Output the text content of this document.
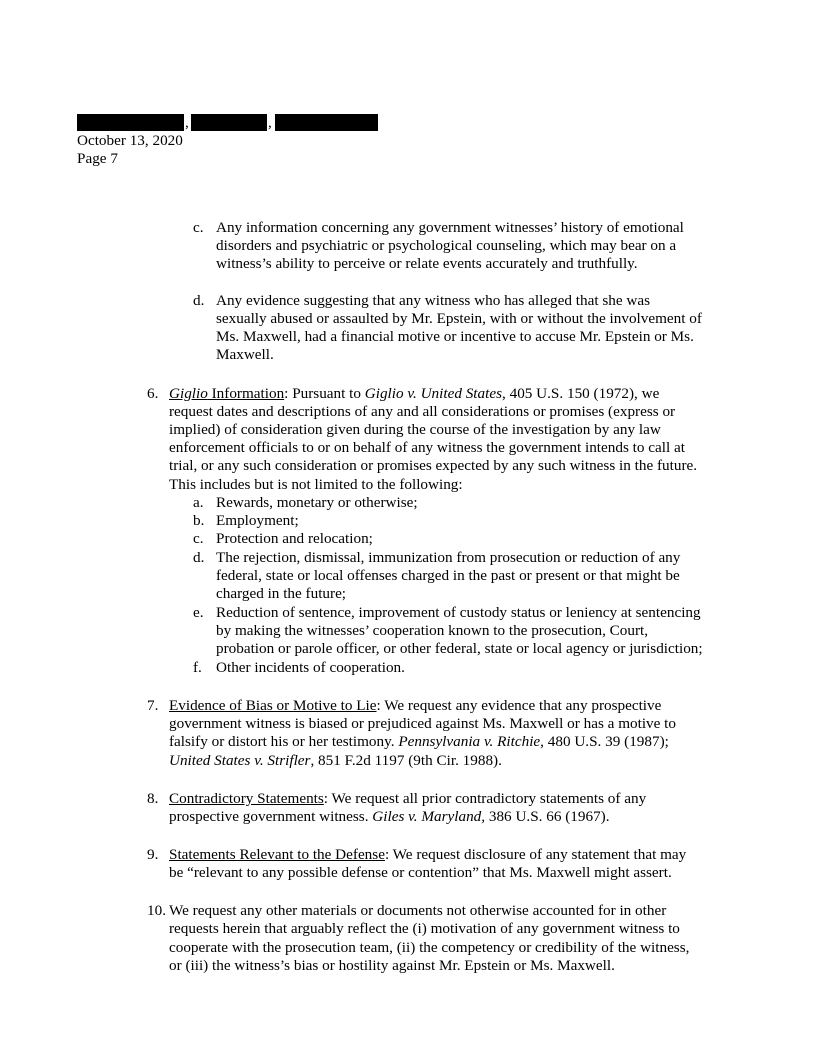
,	,
October 13, 2020
Page 7
c. Any information concerning any government witnesses’ history of emotional
disorders and psychiatric or psychological counseling, which may bear on a
witness’s ability to perceive or relate events accurately and truthfully.
d. Any evidence suggesting that any witness who has alleged that she was
sexually abused or assaulted by Mr. Epstein, with or without the involvement of
Ms. Maxwell, had a financial motive or incentive to accuse Mr. Epstein or Ms.
Maxwell.
6. Giglio Information: Pursuant to Giglio v. United States, 405 U.S. 150 (1972), we
request dates and descriptions of any and all considerations or promises (express or
implied) of consideration given during the course of the investigation by any law
enforcement officials to or on behalf of any witness the government intends to call at
trial, or any such consideration or promises expected by any such witness in the future.
This includes but is not limited to the following:
a. Rewards, monetary or otherwise;
b. Employment;
c. Protection and relocation;
d. The rejection, dismissal, immunization from prosecution or reduction of any
federal, state or local offenses charged in the past or present or that might be
charged in the future;
e. Reduction of sentence, improvement of custody status or leniency at sentencing
by making the witnesses’ cooperation known to the prosecution, Court,
probation or parole officer, or other federal, state or local agency or jurisdiction;
f. Other incidents of cooperation.
7. Evidence of Bias or Motive to Lie: We request any evidence that any prospective
government witness is biased or prejudiced against Ms. Maxwell or has a motive to
falsify or distort his or her testimony. Pennsylvania v. Ritchie, 480 U.S. 39 (1987);
United States v. Strifler, 851 F.2d 1197 (9th Cir. 1988).
8. Contradictory Statements: We request all prior contradictory statements of any
prospective government witness. Giles v. Maryland, 386 U.S. 66 (1967).
9. Statements Relevant to the Defense: We request disclosure of any statement that may
be “relevant to any possible defense or contention” that Ms. Maxwell might assert.
10. We request any other materials or documents not otherwise accounted for in other
requests herein that arguably reflect the (i) motivation of any government witness to
cooperate with the prosecution team, (ii) the competency or credibility of the witness,
or (iii) the witness’s bias or hostility against Mr. Epstein or Ms. Maxwell.
